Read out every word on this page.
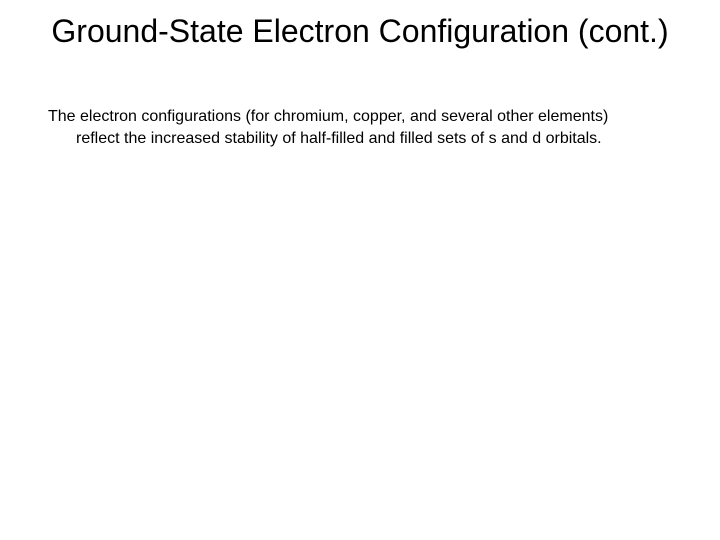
Ground-State Electron Configuration (cont.)

The electron configurations (for chromium, copper, and several other elements) reflect the increased stability of half-filled and filled sets of s and d orbitals.
